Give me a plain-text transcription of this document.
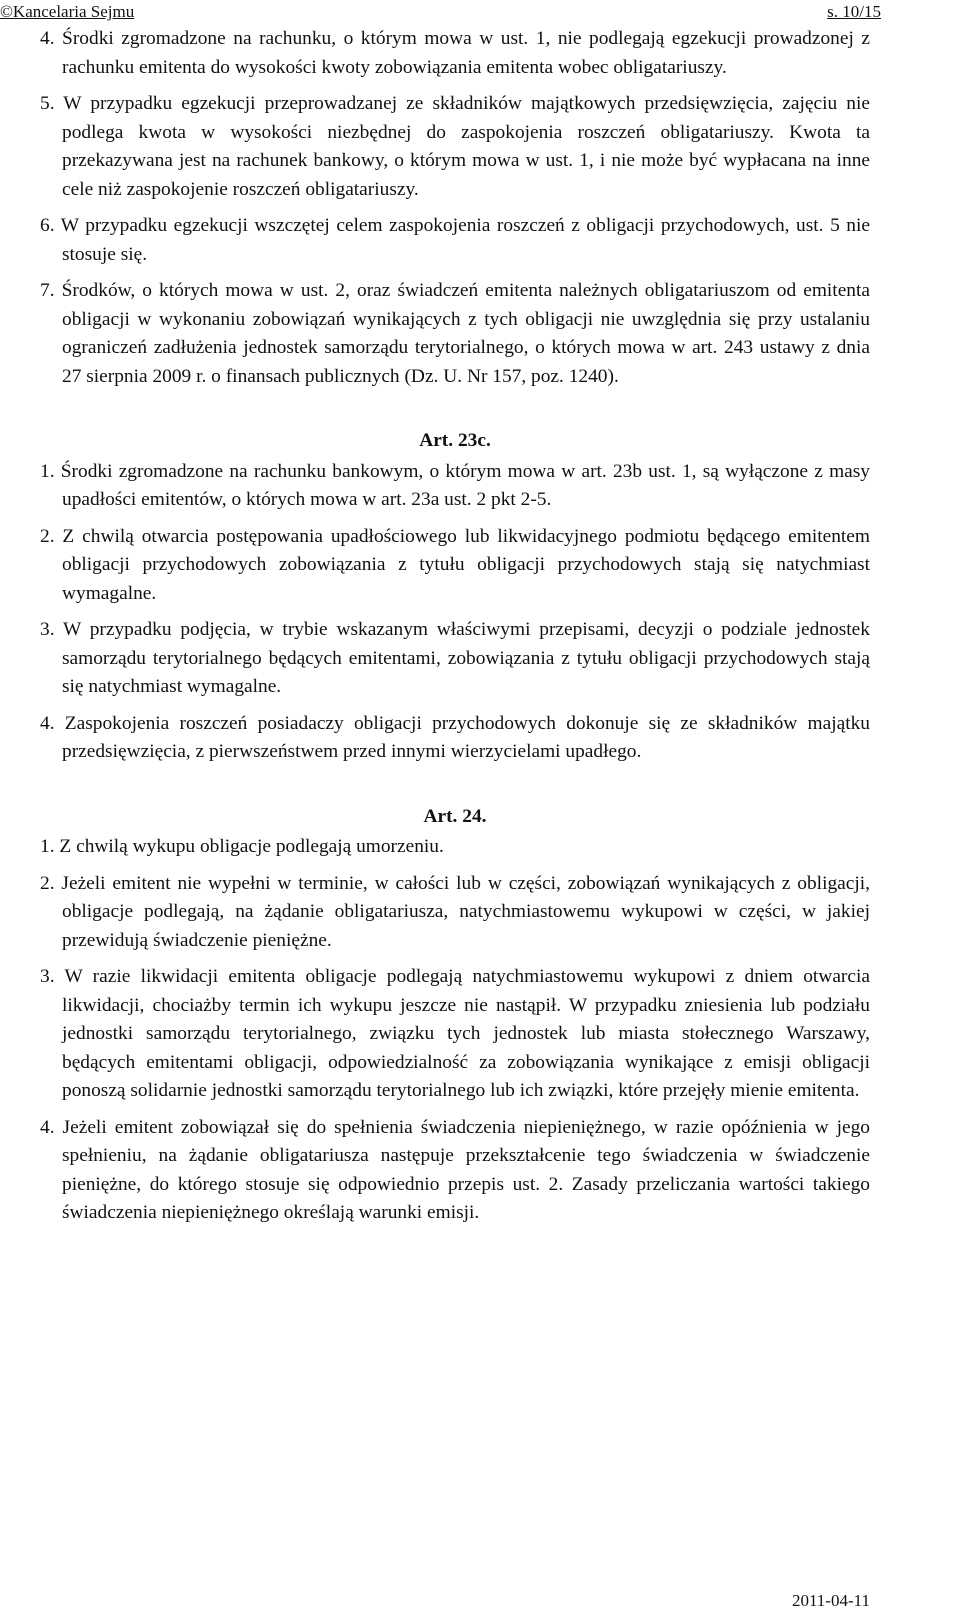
©Kancelaria Sejmu	s. 10/15

4. Środki zgromadzone na rachunku, o którym mowa w ust. 1, nie podlegają egzekucji prowadzonej z rachunku emitenta do wysokości kwoty zobowiązania emitenta wobec obligatariuszy.

5. W przypadku egzekucji przeprowadzanej ze składników majątkowych przedsięwzięcia, zajęciu nie podlega kwota w wysokości niezbędnej do zaspokojenia roszczeń obligatariuszy. Kwota ta przekazywana jest na rachunek bankowy, o którym mowa w ust. 1, i nie może być wypłacana na inne cele niż zaspokojenie roszczeń obligatariuszy.

6. W przypadku egzekucji wszczętej celem zaspokojenia roszczeń z obligacji przychodowych, ust. 5 nie stosuje się.

7. Środków, o których mowa w ust. 2, oraz świadczeń emitenta należnych obligatariuszom od emitenta obligacji w wykonaniu zobowiązań wynikających z tych obligacji nie uwzględnia się przy ustalaniu ograniczeń zadłużenia jednostek samorządu terytorialnego, o których mowa w art. 243 ustawy z dnia 27 sierpnia 2009 r. o finansach publicznych (Dz. U. Nr 157, poz. 1240).

Art. 23c.

1. Środki zgromadzone na rachunku bankowym, o którym mowa w art. 23b ust. 1, są wyłączone z masy upadłości emitentów, o których mowa w art. 23a ust. 2 pkt 2-5.

2. Z chwilą otwarcia postępowania upadłościowego lub likwidacyjnego podmiotu będącego emitentem obligacji przychodowych zobowiązania z tytułu obligacji przychodowych stają się natychmiast wymagalne.

3. W przypadku podjęcia, w trybie wskazanym właściwymi przepisami, decyzji o podziale jednostek samorządu terytorialnego będących emitentami, zobowiązania z tytułu obligacji przychodowych stają się natychmiast wymagalne.

4. Zaspokojenia roszczeń posiadaczy obligacji przychodowych dokonuje się ze składników majątku przedsięwzięcia, z pierwszeństwem przed innymi wierzycielami upadłego.

Art. 24.

1. Z chwilą wykupu obligacje podlegają umorzeniu.

2. Jeżeli emitent nie wypełni w terminie, w całości lub w części, zobowiązań wynikających z obligacji, obligacje podlegają, na żądanie obligatariusza, natychmiastowemu wykupowi w części, w jakiej przewidują świadczenie pieniężne.

3. W razie likwidacji emitenta obligacje podlegają natychmiastowemu wykupowi z dniem otwarcia likwidacji, chociażby termin ich wykupu jeszcze nie nastąpił. W przypadku zniesienia lub podziału jednostki samorządu terytorialnego, związku tych jednostek lub miasta stołecznego Warszawy, będących emitentami obligacji, odpowiedzialność za zobowiązania wynikające z emisji obligacji ponoszą solidarnie jednostki samorządu terytorialnego lub ich związki, które przejęły mienie emitenta.

4. Jeżeli emitent zobowiązał się do spełnienia świadczenia niepieniężnego, w razie opóźnienia w jego spełnieniu, na żądanie obligatariusza następuje przekształcenie tego świadczenia w świadczenie pieniężne, do którego stosuje się odpowiednio przepis ust. 2. Zasady przeliczania wartości takiego świadczenia niepieniężnego określają warunki emisji.

2011-04-11
